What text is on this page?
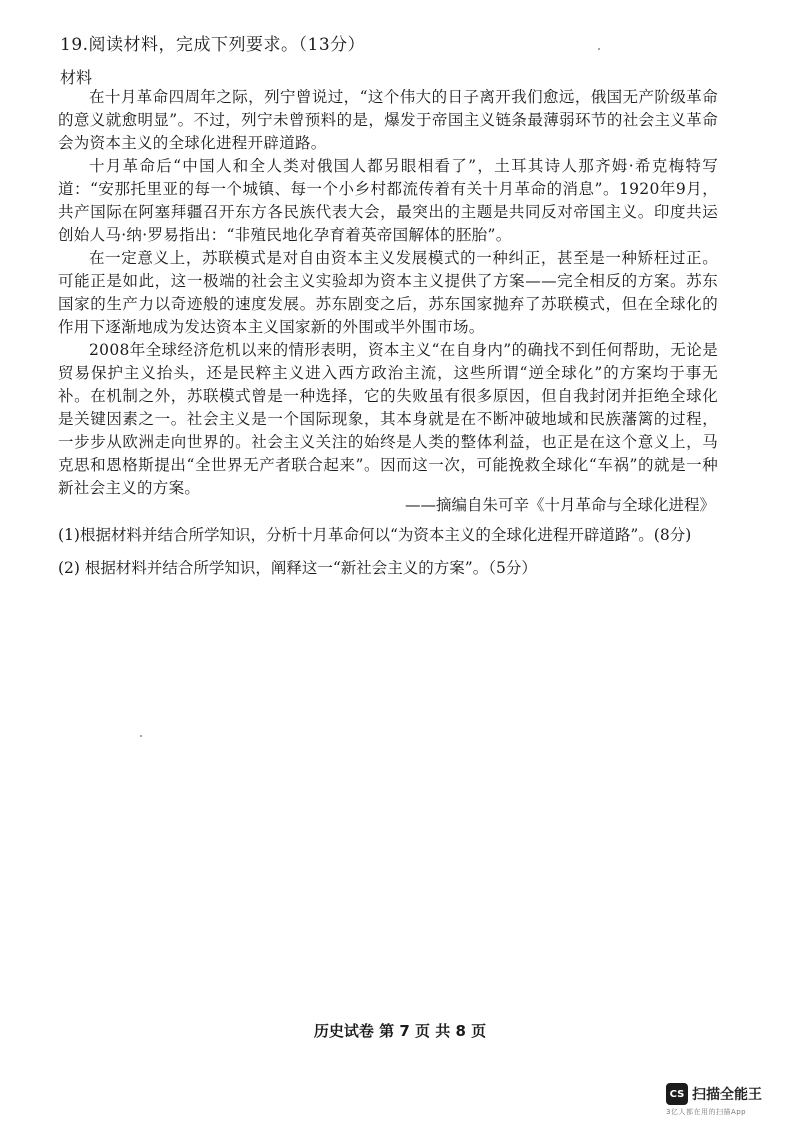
19.阅读材料，完成下列要求。（13分）
材料

在十月革命四周年之际，列宁曾说过，“这个伟大的日子离开我们愈远，俄国无产阶级革命的意义就愈明显”。不过，列宁未曾预料的是，爆发于帝国主义链条最薄弱环节的社会主义革命会为资本主义的全球化进程开辟道路。

十月革命后“中国人和全人类对俄国人都另眼相看了”，土耳其诗人那齐姆·希克梅特写道：“安那托里亚的每一个城镇、每一个小乡村都流传着有关十月革命的消息”。1920年9月，共产国际在阿塞拜疆召开东方各民族代表大会，最突出的主题是共同反对帝国主义。印度共运创始人马·纳·罗易指出：“非殖民地化孕育着英帝国解体的胚胎”。

在一定意义上，苏联模式是对自由资本主义发展模式的一种纠正，甚至是一种矫枉过正。可能正是如此，这一极端的社会主义实验却为资本主义提供了方案——完全相反的方案。苏东国家的生产力以奇迹般的速度发展。苏东剧变之后，苏东国家抛弃了苏联模式，但在全球化的作用下逐渐地成为发达资本主义国家新的外围或半外围市场。

2008年全球经济危机以来的情形表明，资本主义“在自身内”的确找不到任何帮助，无论是贸易保护主义抬头，还是民粹主义进入西方政治主流，这些所谓“逆全球化”的方案均于事无补。在机制之外，苏联模式曾是一种选择，它的失败虽有很多原因，但自我封闭并拒绝全球化是关键因素之一。社会主义是一个国际现象，其本身就是在不断冲破地域和民族藩篱的过程，一步步从欧洲走向世界的。社会主义关注的始终是人类的整体利益，也正是在这个意义上，马克思和恩格斯提出“全世界无产者联合起来”。因而这一次，可能挽救全球化“车祸”的就是一种新社会主义的方案。

——摘编自朱可辛《十月革命与全球化进程》

(1)根据材料并结合所学知识，分析十月革命何以“为资本主义的全球化进程开辟道路”。(8分)

(2) 根据材料并结合所学知识，阐释这一“新社会主义的方案”。（5分）

历史试卷 第 7 页 共 8 页
CS 扫描全能王
3亿人都在用的扫描App
